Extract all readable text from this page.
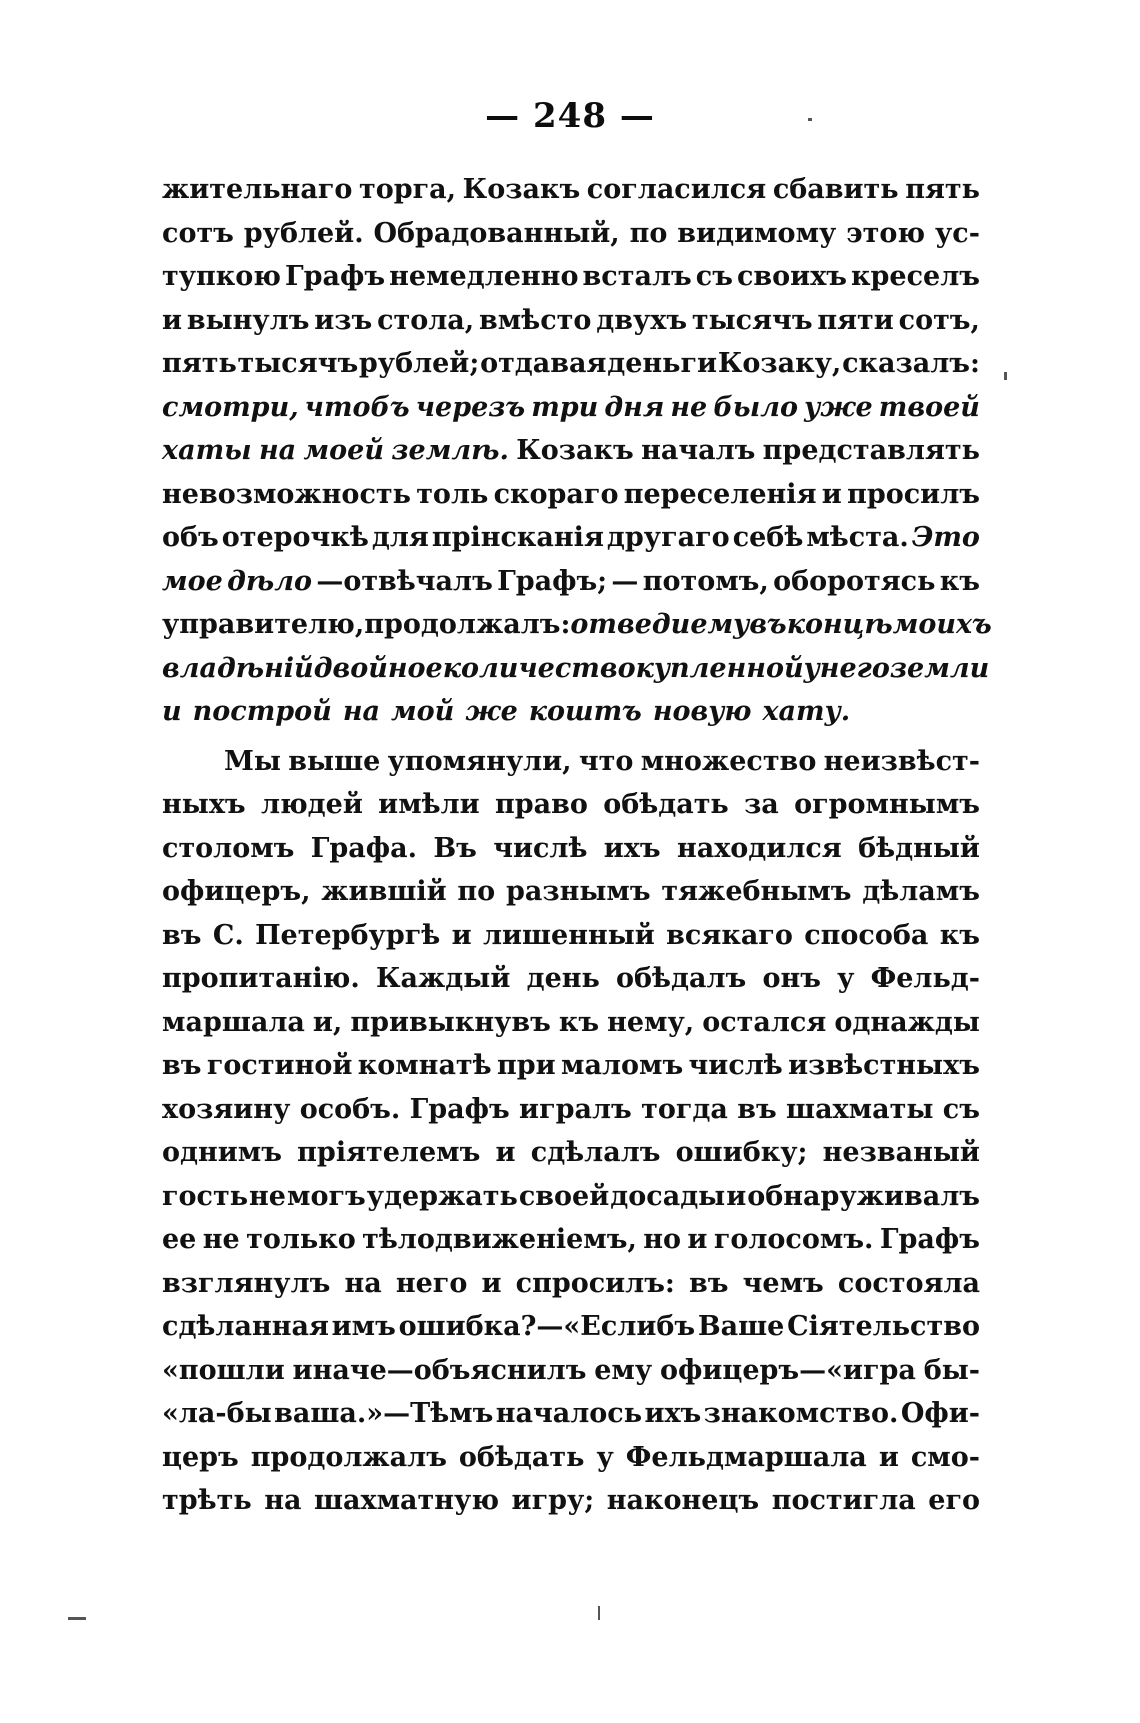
— 248 —
жительнаго торга, Козакъ согласился сбавить пять
сотъ рублей. Обрадованный, по видимому этою ус-
тупкою Графъ немедленно всталъ съ своихъ креселъ
и вынулъ изъ стола, вмѣсто двухъ тысячъ пяти сотъ,
пять тысячъ рублей; отдавая деньги Козаку, сказалъ:
смотри, чтобъ черезъ три дня не было уже твоей
хаты на моей землѣ. Козакъ началъ представлять
невозможность толь скораго переселенія и просилъ
объ отерочкѣ для прінсканія другаго себѣ мѣста. Это
мое дѣло —отвѣчалъ Графъ; — потомъ, оборотясь къ
управителю, продолжалъ: отведи ему въ концѣ моихъ
владѣній двойное количество купленной у него земли
и построй на мой же коштъ новую хату.
Мы выше упомянули, что множество неизвѣст-
ныхъ людей имѣли право обѣдать за огромнымъ
столомъ Графа. Въ числѣ ихъ находился бѣдный
офицеръ, жившій по разнымъ тяжебнымъ дѣламъ
въ С. Петербургѣ и лишенный всякаго способа къ
пропитанію. Каждый день обѣдалъ онъ у Фельд-
маршала и, привыкнувъ къ нему, остался однажды
въ гостиной комнатѣ при маломъ числѣ извѣстныхъ
хозяину особъ. Графъ игралъ тогда въ шахматы съ
однимъ пріятелемъ и сдѣлалъ ошибку; незваный
гость не могъ удержать своей досады и обнаруживалъ
ее не только тѣлодвиженіемъ, но и голосомъ. Графъ
взглянулъ на него и спросилъ: въ чемъ состояла
сдѣланная имъ ошибка?—«Еслибъ Ваше Сіятельство
«пошли иначе—объяснилъ ему офицеръ—«игра бы-
«ла-бы ваша.»—Тѣмъ началось ихъ знакомство. Офи-
церъ продолжалъ обѣдать у Фельдмаршала и смо-
трѣть на шахматную игру; наконецъ постигла его
